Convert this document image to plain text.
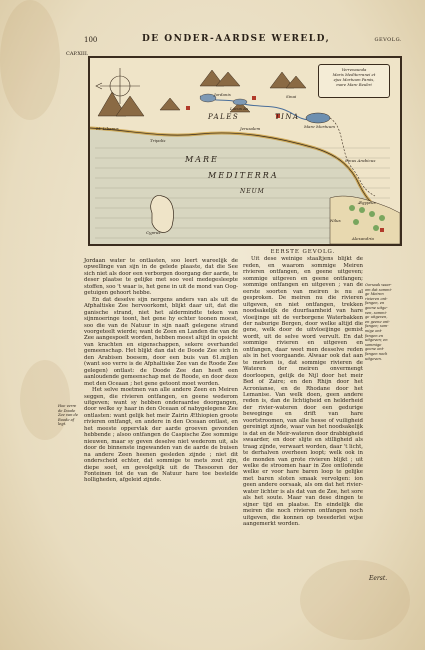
100	DE ONDER-AARDSE WERELD,	GEVOLG.
CAP.XIII.
Verrenaunda
Maris Mediterranei et
ejus Mortuum Pamis,
mare Mare Reubri
M. Libanus
PALES	TINA
Tripolis
MARE
MEDITERRA
NEUM
Cyprus
Jerusalem
Ægyptus
Alexandria
Sinai
Jordanis
Lacus As
Mare Mortuum
Sinus Arabicus
Nilus

Jordaan water te ontlasten, soo leert wareelijk de opwellinge van sijn in de gelede plaaste, dat die See sich niet als door een verborgen doorgang der aarde, te deser plaatse te gelijke met soo veel medegesleepte stoffen, soo 't waar is, het gene in uit de mond van Oog-getuigen gehoort hebbe.

En dat deselve sijn nergens anders van als uit de Afphaltiske Zee hervoorkomt, blijkt daar uit, dat die ganische strand, niet het aldermindte teken van sijnmoeringe toont, het gene hy echter toonen moest, soo die van de Natuur in sijn naaft gelegene strand voorgeteelt wierde; want de Zeen en Landen die van de Zee aangespoelt worden, hebben meest altijd in opsicht van krachten en eigenschappen, sekere overhandel gemeenschap. Het blijkt dan dat de Doode Zee sich in den Arabisen boesem, door een buis van 61.mijlen (want soo verre is de Afphaltiske Zee van de Roode Zee gelegen) ontlast: de Doode Zee dan heeft een aanloudende gemeenschap met de Roode, en door deze met den Oceaan ; het gene getoont moet worden.

Het selve moetmen van alle andere Zeen en Meiren seggen, die rivieren ontfangen, en geene wederom uitgeven; want sy hebben onderaardse doorgangen, door welke sy haar in den Oceaan of nabygelegene Zee ontlasten: want gelijk het meir Zairin Æthiopien groote rivieren ontfangt, en andere in den Oceaan ontlast, en het meeste oppervlak der aarde groeven gevonden hebbende ; alsoo ontfangen de Caspische Zee sommige nieuwen, maar sy geven deselve niet wederom uit, als door de binnenste ingewanden van de aarde de buisen na andere Zeen heenen gesleden zijnde ; niet dit onderscheid echter, dat sommige te mets zout zijn, diepe soet, en gevolgelijk uit de Thesooren der Fonteinen tot de van de Natuur hare toe bestelde holligheden, afgeleid zijnde.

Hoe verre
de Doode
Zee van de
Roode af
legt.
EERSTE GEVOLG.

Uit dese weinige staaltjens blijkt de reden, en waarom sommige Meiren rivieren ontfangen, en geene uitgeven; sommige uitgeven en geene ontfangen; sommige ontfangen en uitgeven ; van de eerste soorten van meiren is nu al gesproken. De meiren nu die rivieren uitgeven, en niet ontfangen, trekken noodsakelijk de duurfaamheid van hare vloeijinge uit de verborgene Waterbakken der naburige Bergen, door welke altijd die gene, welk door de uitvloeijinge gemist wordt, uit de selve word vervult. En dat sommige rivieren en uitgeven en ontfangen, daar weet men desselve reden als in het voorgaande. Alwaar ook dat aan te merken is, dat sommige rivieren de Wateren der meiren onvermengt doorloopen, gelijk de Nijl door het meir Bed of Zaire; en den Rhijn door het Acronianse, en de Rhodane door het Lemanise. Van welk doen, geen andere reden is, dan de lichtigheid en helderheid der rivier-wateren door een gedurige beweginge en drift van hare voortstroomen, van alle hesse of vuiligheid gereinigt zijnde, waar van het noodsakelijk is dat en de Meir-wateren door drabbigheid swaarder, en door slijte en stilligheid als traag zijnde, verwaart worden, daar 't licht, te derhalven overheen loopt; welk ook in de monden van grote rivieren blijkt ; uit welke de stroomen haar in Zee ontlofende welke er voor hare baren loop te gelijke met baren sloten smaak vervolgen: ion geen andere oorsaak, als om dat het rivier-water lichter is als dat van de Zee, het sore als het soute. Maar van dese dingen te sijner tijd en plaatse. En eindelijk die meiren die noch rivieren ontfangen noch uitgeven, die konnen op tweederlei wijse aangemerkt worden.

Oorsaak waar-
om dat sommi-
ge Meiren
rivieren ont-
fangen, en
geene uitge-
ven, sommi-
ge uitgeven,
en geene ont-
fangen; som-
mige ont-
fangen en
uitgeven; en
sommige
geene ont-
fangen noch
uitgeven.
Eerst.
